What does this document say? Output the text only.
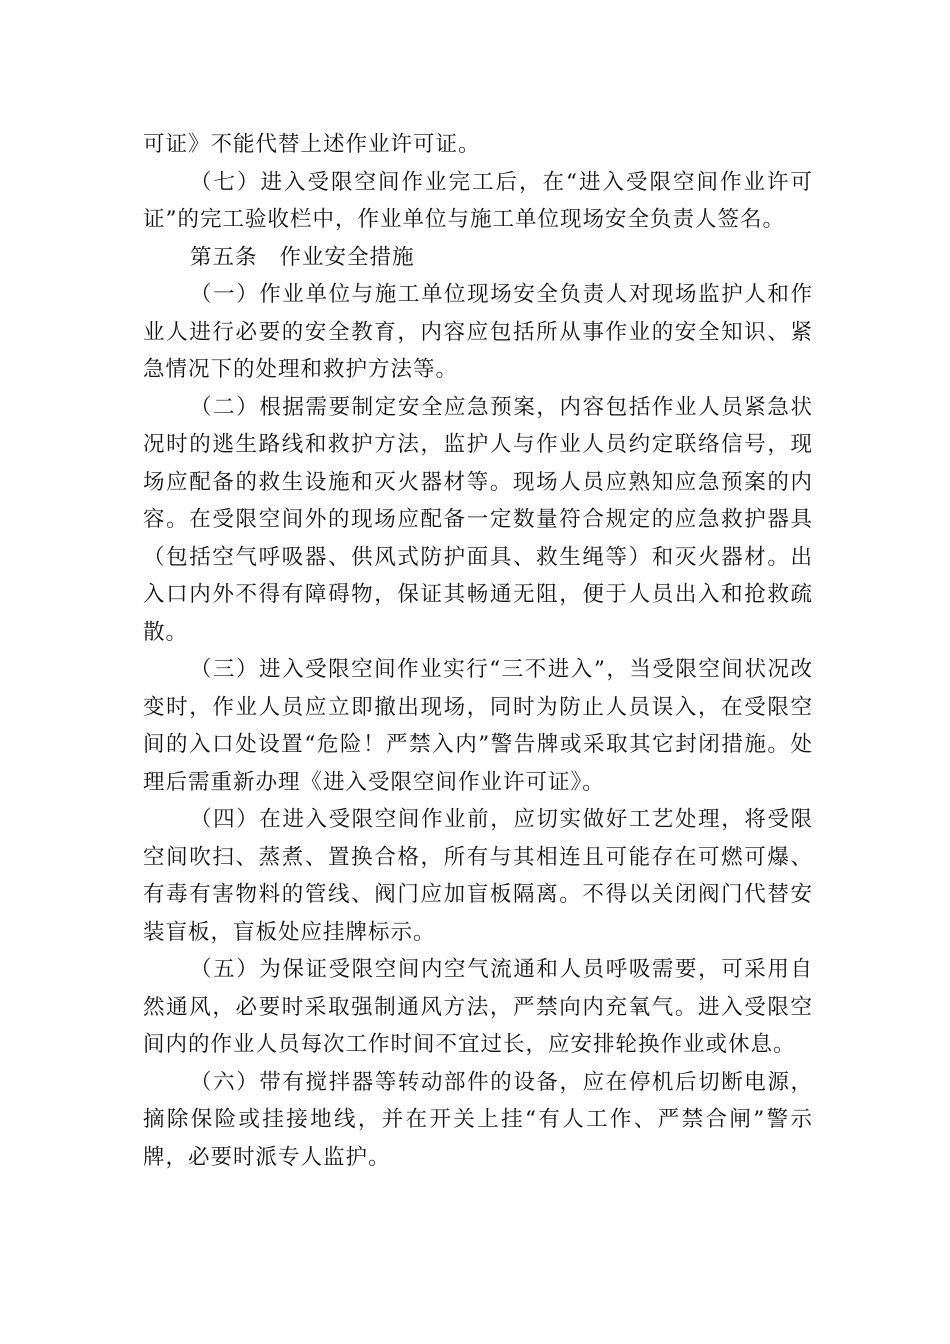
可证》不能代替上述作业许可证。

（七）进入受限空间作业完工后，在“进入受限空间作业许可证”的完工验收栏中，作业单位与施工单位现场安全负责人签名。

第五条 作业安全措施

（一）作业单位与施工单位现场安全负责人对现场监护人和作业人进行必要的安全教育，内容应包括所从事作业的安全知识、紧急情况下的处理和救护方法等。

（二）根据需要制定安全应急预案，内容包括作业人员紧急状况时的逃生路线和救护方法，监护人与作业人员约定联络信号，现场应配备的救生设施和灭火器材等。现场人员应熟知应急预案的内容。在受限空间外的现场应配备一定数量符合规定的应急救护器具（包括空气呼吸器、供风式防护面具、救生绳等）和灭火器材。出入口内外不得有障碍物，保证其畅通无阻，便于人员出入和抢救疏散。

（三）进入受限空间作业实行“三不进入”，当受限空间状况改变时，作业人员应立即撤出现场，同时为防止人员误入，在受限空间的入口处设置“危险！严禁入内”警告牌或采取其它封闭措施。处理后需重新办理《进入受限空间作业许可证》。

（四）在进入受限空间作业前，应切实做好工艺处理，将受限空间吹扫、蒸煮、置换合格，所有与其相连且可能存在可燃可爆、有毒有害物料的管线、阀门应加盲板隔离。不得以关闭阀门代替安装盲板，盲板处应挂牌标示。

（五）为保证受限空间内空气流通和人员呼吸需要，可采用自然通风，必要时采取强制通风方法，严禁向内充氧气。进入受限空间内的作业人员每次工作时间不宜过长，应安排轮换作业或休息。

（六）带有搅拌器等转动部件的设备，应在停机后切断电源，摘除保险或挂接地线，并在开关上挂“有人工作、严禁合闸”警示牌，必要时派专人监护。
